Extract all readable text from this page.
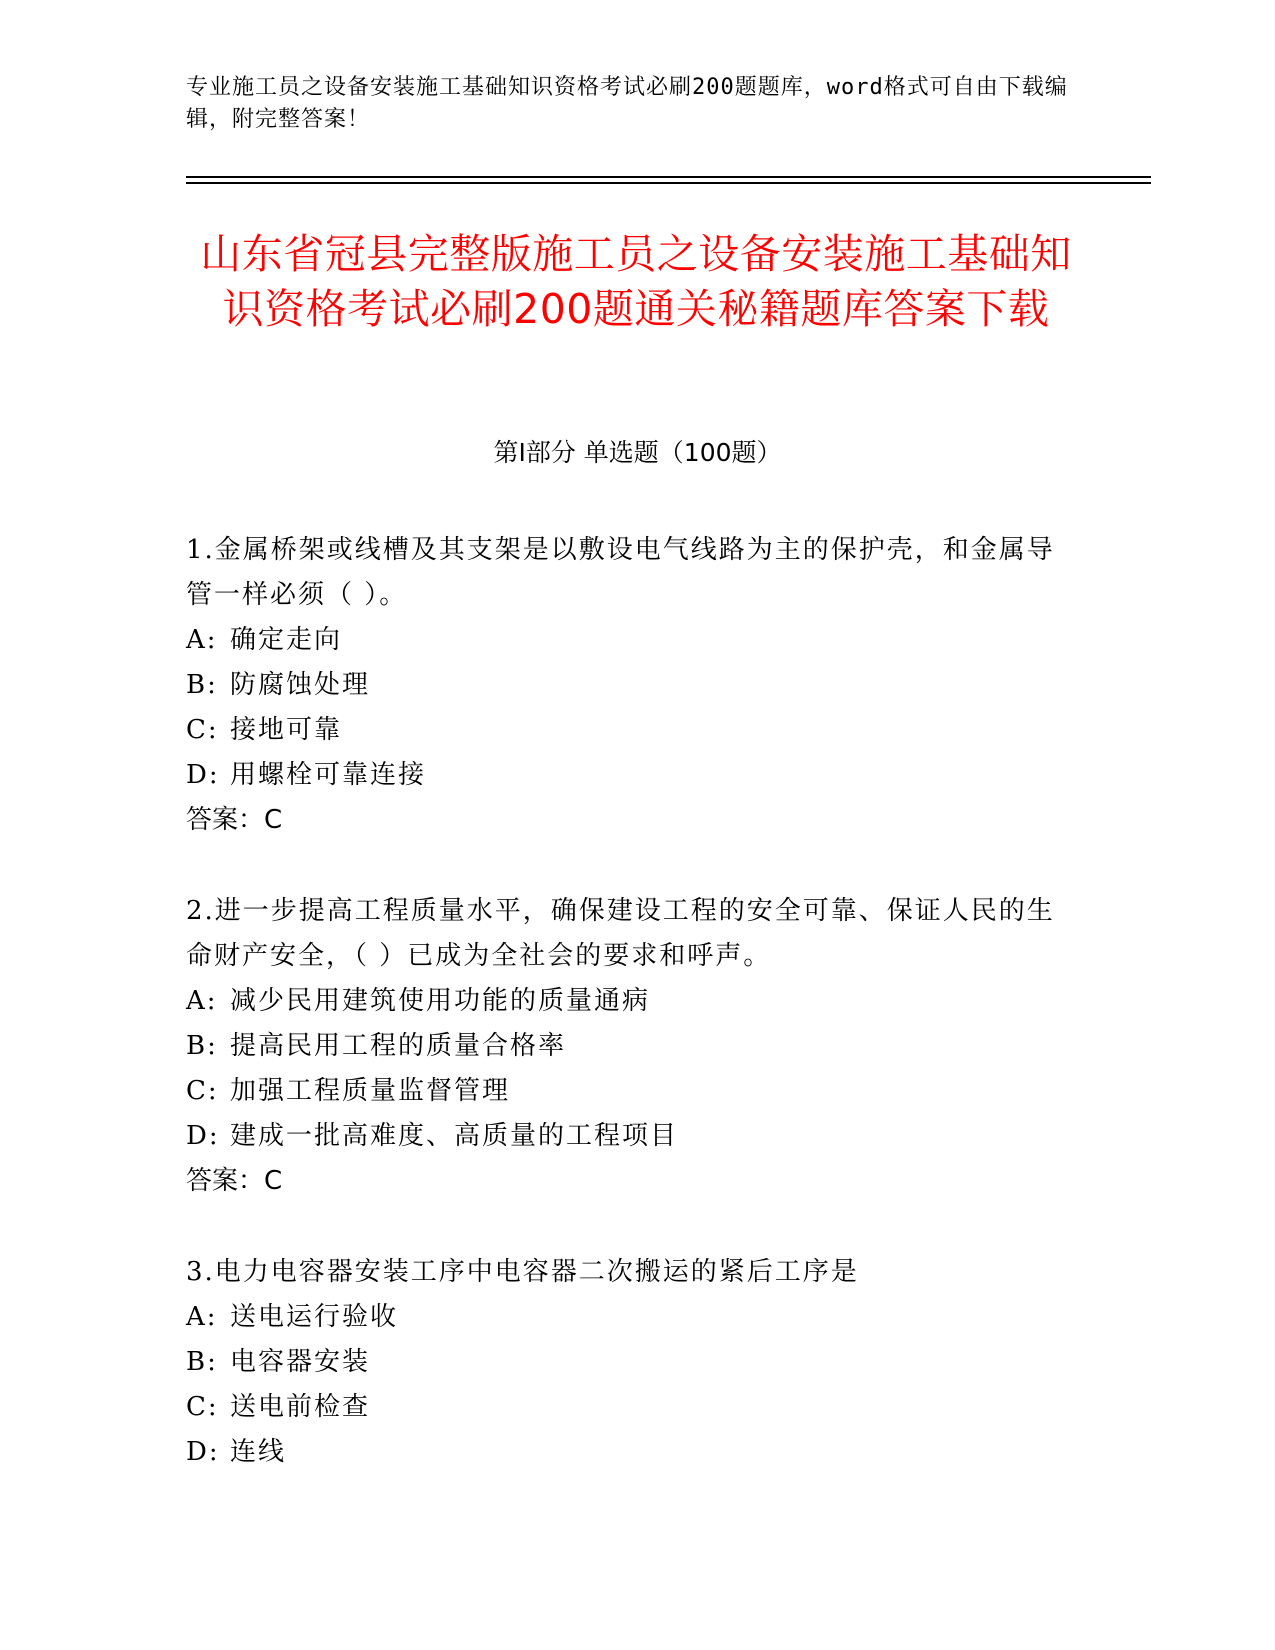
专业施工员之设备安装施工基础知识资格考试必刷200题题库，word格式可自由下载编辑，附完整答案！
山东省冠县完整版施工员之设备安装施工基础知识资格考试必刷200题通关秘籍题库答案下载
第Ⅰ部分 单选题（100题）
1.金属桥架或线槽及其支架是以敷设电气线路为主的保护壳，和金属导管一样必须（ ）。
A: 确定走向
B: 防腐蚀处理
C: 接地可靠
D: 用螺栓可靠连接
答案：C
2.进一步提高工程质量水平，确保建设工程的安全可靠、保证人民的生命财产安全，（ ）已成为全社会的要求和呼声。
A: 减少民用建筑使用功能的质量通病
B: 提高民用工程的质量合格率
C: 加强工程质量监督管理
D: 建成一批高难度、高质量的工程项目
答案：C
3.电力电容器安装工序中电容器二次搬运的紧后工序是
A: 送电运行验收
B: 电容器安装
C: 送电前检查
D: 连线
